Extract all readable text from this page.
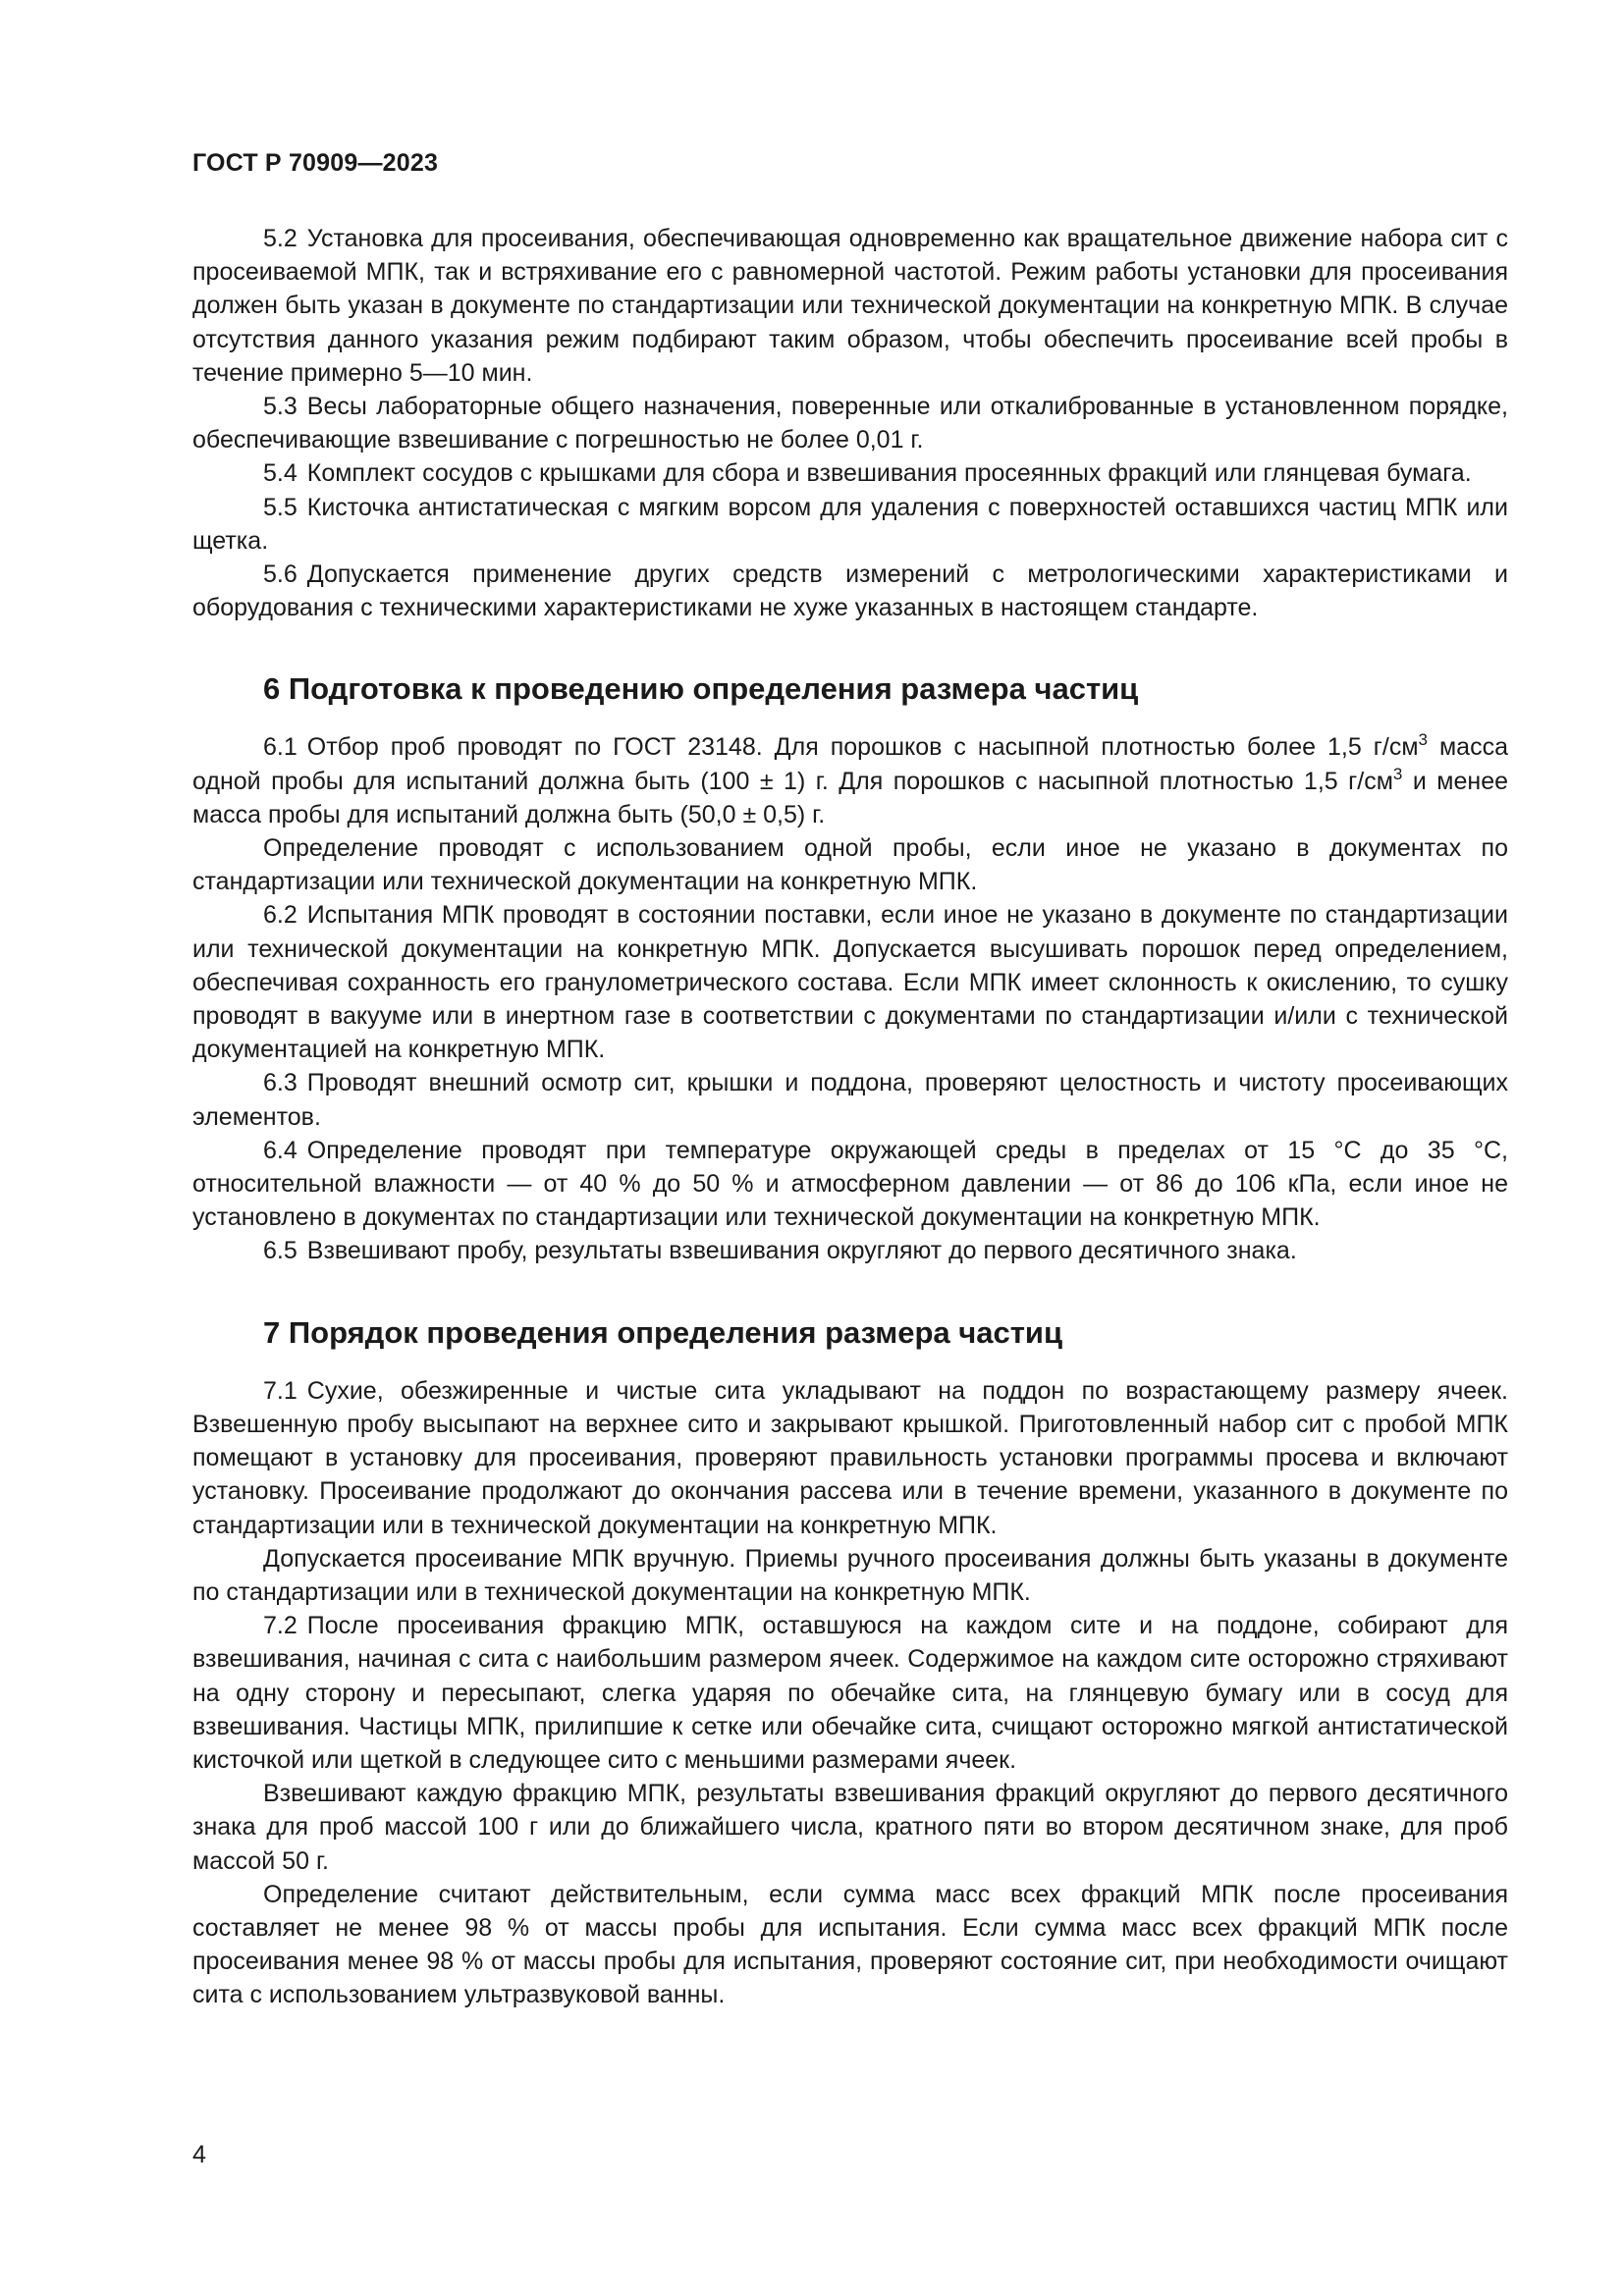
ГОСТ Р 70909—2023

5.2 Установка для просеивания, обеспечивающая одновременно как вращательное движение набора сит с просеиваемой МПК, так и встряхивание его с равномерной частотой. Режим работы установки для просеивания должен быть указан в документе по стандартизации или технической документации на конкретную МПК. В случае отсутствия данного указания режим подбирают таким образом, чтобы обеспечить просеивание всей пробы в течение примерно 5—10 мин.

5.3 Весы лабораторные общего назначения, поверенные или откалиброванные в установленном порядке, обеспечивающие взвешивание с погрешностью не более 0,01 г.

5.4 Комплект сосудов с крышками для сбора и взвешивания просеянных фракций или глянцевая бумага.

5.5 Кисточка антистатическая с мягким ворсом для удаления с поверхностей оставшихся частиц МПК или щетка.

5.6 Допускается применение других средств измерений с метрологическими характеристиками и оборудования с техническими характеристиками не хуже указанных в настоящем стандарте.

6 Подготовка к проведению определения размера частиц

6.1 Отбор проб проводят по ГОСТ 23148. Для порошков с насыпной плотностью более 1,5 $г/см^3$ масса одной пробы для испытаний должна быть (100 ± 1) г. Для порошков с насыпной плотностью 1,5 $г/см^3$ и менее масса пробы для испытаний должна быть (50,0 ± 0,5) г.

Определение проводят с использованием одной пробы, если иное не указано в документах по стандартизации или технической документации на конкретную МПК.

6.2 Испытания МПК проводят в состоянии поставки, если иное не указано в документе по стандартизации или технической документации на конкретную МПК. Допускается высушивать порошок перед определением, обеспечивая сохранность его гранулометрического состава. Если МПК имеет склонность к окислению, то сушку проводят в вакууме или в инертном газе в соответствии с документами по стандартизации и/или с технической документацией на конкретную МПК.

6.3 Проводят внешний осмотр сит, крышки и поддона, проверяют целостность и чистоту просеивающих элементов.

6.4 Определение проводят при температуре окружающей среды в пределах от 15 °С до 35 °С, относительной влажности — от 40 % до 50 % и атмосферном давлении — от 86 до 106 кПа, если иное не установлено в документах по стандартизации или технической документации на конкретную МПК.

6.5 Взвешивают пробу, результаты взвешивания округляют до первого десятичного знака.

7 Порядок проведения определения размера частиц

7.1 Сухие, обезжиренные и чистые сита укладывают на поддон по возрастающему размеру ячеек. Взвешенную пробу высыпают на верхнее сито и закрывают крышкой. Приготовленный набор сит с пробой МПК помещают в установку для просеивания, проверяют правильность установки программы просева и включают установку. Просеивание продолжают до окончания рассева или в течение времени, указанного в документе по стандартизации или в технической документации на конкретную МПК.

Допускается просеивание МПК вручную. Приемы ручного просеивания должны быть указаны в документе по стандартизации или в технической документации на конкретную МПК.

7.2 После просеивания фракцию МПК, оставшуюся на каждом сите и на поддоне, собирают для взвешивания, начиная с сита с наибольшим размером ячеек. Содержимое на каждом сите осторожно стряхивают на одну сторону и пересыпают, слегка ударяя по обечайке сита, на глянцевую бумагу или в сосуд для взвешивания. Частицы МПК, прилипшие к сетке или обечайке сита, счищают осторожно мягкой антистатической кисточкой или щеткой в следующее сито с меньшими размерами ячеек.

Взвешивают каждую фракцию МПК, результаты взвешивания фракций округляют до первого десятичного знака для проб массой 100 г или до ближайшего числа, кратного пяти во втором десятичном знаке, для проб массой 50 г.

Определение считают действительным, если сумма масс всех фракций МПК после просеивания составляет не менее 98 % от массы пробы для испытания. Если сумма масс всех фракций МПК после просеивания менее 98 % от массы пробы для испытания, проверяют состояние сит, при необходимости очищают сита с использованием ультразвуковой ванны.

4
